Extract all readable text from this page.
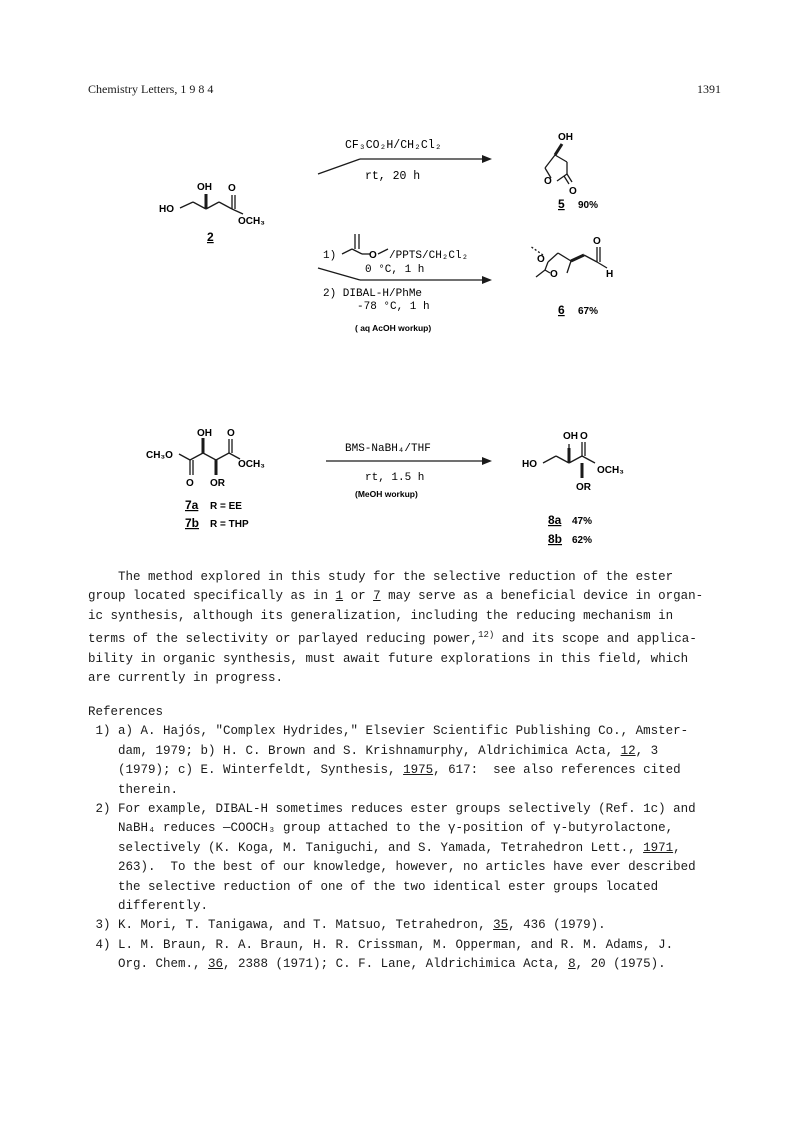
Chemistry Letters, 1 9 8 4	1391
OH O
HO
OCH₃
2
CF₃CO₂H/CH₂Cl₂
rt, 20 h
OH
O
O
5 90%
1)	O /PPTS/CH₂Cl₂
0 °C, 1 h
2) DIBAL-H/PhMe
-78 °C, 1 h
( aq AcOH workup)
O
O
O
H
6 67%
OH O
CH₃O
OCH₃
O OR
7a R = EE
7b R = THP
BMS-NaBH₄/THF
rt, 1.5 h
(MeOH workup)
OH O
HO
OCH₃
OR
8a 47%
8b 62%
The method explored in this study for the selective reduction of the ester
group located specifically as in 1 or 7 may serve as a beneficial device in organ-
ic synthesis, although its generalization, including the reducing mechanism in
terms of the selectivity or parlayed reducing power,$^{12)}$ and its scope and applica-
bility in organic synthesis, must await future explorations in this field, which
are currently in progress.
References
1) a) A. Hajós, "Complex Hydrides," Elsevier Scientific Publishing Co., Amster-
dam, 1979; b) H. C. Brown and S. Krishnamurphy, Aldrichimica Acta, 12, 3
(1979); c) E. Winterfeldt, Synthesis, 1975, 617:  see also references cited
therein.
2) For example, DIBAL-H sometimes reduces ester groups selectively (Ref. 1c) and
NaBH₄ reduces —COOCH₃ group attached to the γ-position of γ-butyrolactone,
selectively (K. Koga, M. Taniguchi, and S. Yamada, Tetrahedron Lett., 1971,
263).  To the best of our knowledge, however, no articles have ever described
the selective reduction of one of the two identical ester groups located
differently.
3) K. Mori, T. Tanigawa, and T. Matsuo, Tetrahedron, 35, 436 (1979).
4) L. M. Braun, R. A. Braun, H. R. Crissman, M. Opperman, and R. M. Adams, J.
Org. Chem., 36, 2388 (1971); C. F. Lane, Aldrichimica Acta, 8, 20 (1975).
